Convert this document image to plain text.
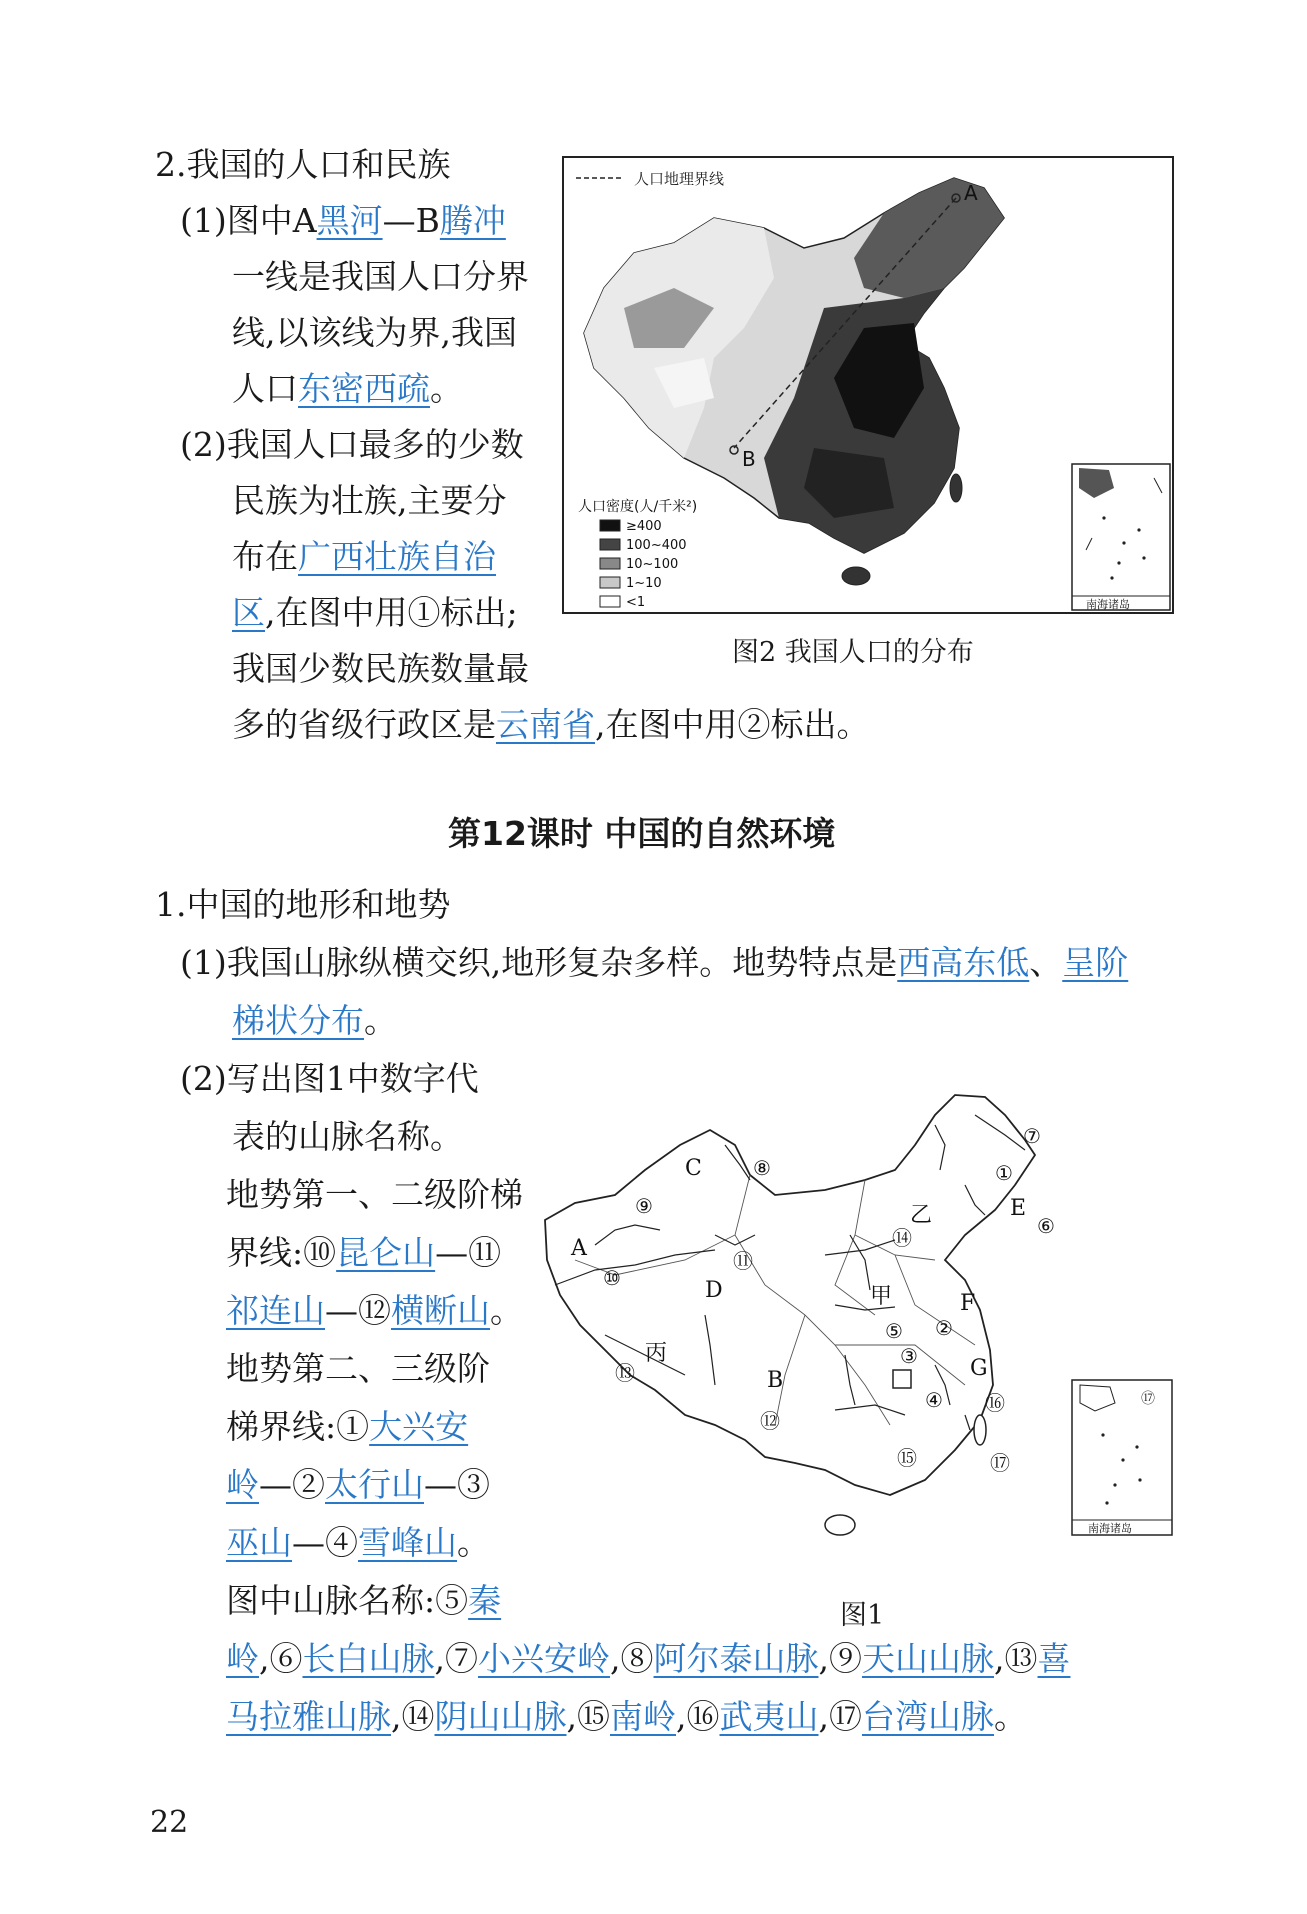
2.我国的人口和民族
(1)图中A黑河—B腾冲
一线是我国人口分界
线,以该线为界,我国
人口东密西疏。
(2)我国人口最多的少数
民族为壮族,主要分
布在广西壮族自治
区,在图中用①标出;
我国少数民族数量最
多的省级行政区是云南省,在图中用②标出。
人口地理界线
A
B
人口密度(人/千米²)
≥400
100~400
10~100
1~10
<1	南海诸岛
图2 我国人口的分布
第12课时 中国的自然环境
1.中国的地形和地势
(1)我国山脉纵横交织,地形复杂多样。地势特点是西高东低、呈阶
梯状分布。
(2)写出图1中数字代
表的山脉名称。
地势第一、二级阶梯
界线:⑩昆仑山—⑪
祁连山—⑫横断山。
地势第二、三级阶
梯界线:①大兴安
岭—②太行山—③
巫山—④雪峰山。
图中山脉名称:⑤秦
岭,⑥长白山脉,⑦小兴安岭,⑧阿尔泰山脉,⑨天山山脉,⑬喜
马拉雅山脉,⑭阴山山脉,⑮南岭,⑯武夷山,⑰台湾山脉。
A
B
C
D
E
F
G
甲
乙
丙
①
②
③
④
⑤
⑥
⑦
⑧
⑨
⑩
⑪
⑫
⑬
⑭
⑮
⑯
⑰
⑰
南海诸岛
图1
22
